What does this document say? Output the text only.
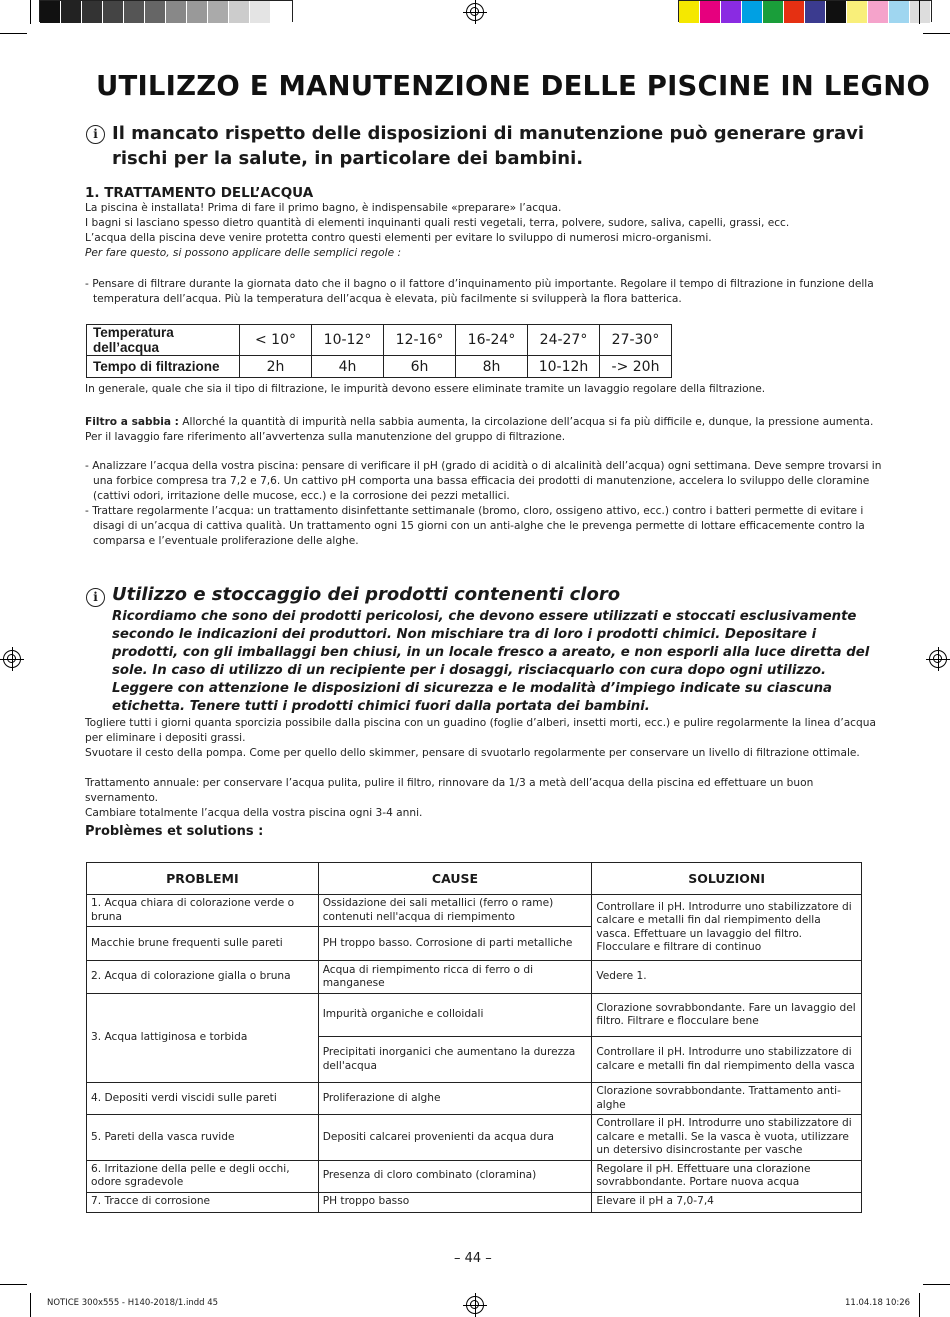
UTILIZZO E MANUTENZIONE DELLE PISCINE IN LEGNO
i Il mancato rispetto delle disposizioni di manutenzione può generare gravi rischi per la salute, in particolare dei bambini.
1. TRATTAMENTO DELL’ACQUA
La piscina è installata! Prima di fare il primo bagno, è indispensabile «preparare» l’acqua.
I bagni si lasciano spesso dietro quantità di elementi inquinanti quali resti vegetali, terra, polvere, sudore, saliva, capelli, grassi, ecc.
L’acqua della piscina deve venire protetta contro questi elementi per evitare lo sviluppo di numerosi micro-organismi.
Per fare questo, si possono applicare delle semplici regole :
- Pensare di filtrare durante la giornata dato che il bagno o il fattore d’inquinamento più importante. Regolare il tempo di filtrazione in funzione della temperatura dell’acqua. Più la temperatura dell’acqua è elevata, più facilmente si svilupperà la flora batterica.
Temperatura dell’acqua	< 10°	10-12°	12-16°	16-24°	24-27°	27-30°
Tempo di filtrazione	2h	4h	6h	8h	10-12h	-> 20h
In generale, quale che sia il tipo di filtrazione, le impurità devono essere eliminate tramite un lavaggio regolare della filtrazione.
Filtro a sabbia : Allorché la quantità di impurità nella sabbia aumenta, la circolazione dell’acqua si fa più difficile e, dunque, la pressione aumenta.
Per il lavaggio fare riferimento all’avvertenza sulla manutenzione del gruppo di filtrazione.
- Analizzare l’acqua della vostra piscina: pensare di verificare il pH (grado di acidità o di alcalinità dell’acqua) ogni settimana. Deve sempre trovarsi in una forbice compresa tra 7,2 e 7,6. Un cattivo pH comporta una bassa efficacia dei prodotti di manutenzione, accelera lo sviluppo delle cloramine (cattivi odori, irritazione delle mucose, ecc.) e la corrosione dei pezzi metallici.
- Trattare regolarmente l’acqua: un trattamento disinfettante settimanale (bromo, cloro, ossigeno attivo, ecc.) contro i batteri permette di evitare i disagi di un’acqua di cattiva qualità. Un trattamento ogni 15 giorni con un anti-alghe che le prevenga permette di lottare efficacemente contro la comparsa e l’eventuale proliferazione delle alghe.
i Utilizzo e stoccaggio dei prodotti contenenti cloro
Ricordiamo che sono dei prodotti pericolosi, che devono essere utilizzati e stoccati esclusivamente secondo le indicazioni dei produttori. Non mischiare tra di loro i prodotti chimici. Depositare i prodotti, con gli imballaggi ben chiusi, in un locale fresco a areato, e non esporli alla luce diretta del sole. In caso di utilizzo di un recipiente per i dosaggi, risciacquarlo con cura dopo ogni utilizzo. Leggere con attenzione le disposizioni di sicurezza e le modalità d’impiego indicate su ciascuna etichetta. Tenere tutti i prodotti chimici fuori dalla portata dei bambini.
Togliere tutti i giorni quanta sporcizia possibile dalla piscina con un guadino (foglie d’alberi, insetti morti, ecc.) e pulire regolarmente la linea d’acqua per eliminare i depositi grassi.
Svuotare il cesto della pompa. Come per quello dello skimmer, pensare di svuotarlo regolarmente per conservare un livello di filtrazione ottimale.
Trattamento annuale: per conservare l’acqua pulita, pulire il filtro, rinnovare da 1/3 a metà dell’acqua della piscina ed effettuare un buon svernamento.
Cambiare totalmente l’acqua della vostra piscina ogni 3-4 anni.
Problèmes et solutions :
PROBLEMI	CAUSE	SOLUZIONI
1. Acqua chiara di colorazione verde o bruna	Ossidazione dei sali metallici (ferro o rame) contenuti nell'acqua di riempimento	Controllare il pH. Introdurre uno stabilizzatore di calcare e metalli fin dal riempimento della vasca. Effettuare un lavaggio del filtro. Flocculare e filtrare di continuo
Macchie brune frequenti sulle pareti	PH troppo basso. Corrosione di parti metalliche	
2. Acqua di colorazione gialla o bruna	Acqua di riempimento ricca di ferro o di manganese	Vedere 1.
3. Acqua lattiginosa e torbida	Impurità organiche e colloidali	Clorazione sovrabbondante. Fare un lavaggio del filtro. Filtrare e flocculare bene
	Precipitati inorganici che aumentano la durezza dell'acqua	Controllare il pH. Introdurre uno stabilizzatore di calcare e metalli fin dal riempimento della vasca
4. Depositi verdi viscidi sulle pareti	Proliferazione di alghe	Clorazione sovrabbondante. Trattamento anti-alghe
5. Pareti della vasca ruvide	Depositi calcarei provenienti da acqua dura	Controllare il pH. Introdurre uno stabilizzatore di calcare e metalli. Se la vasca è vuota, utilizzare un detersivo disincrostante per vasche
6. Irritazione della pelle e degli occhi, odore sgradevole	Presenza di cloro combinato (cloramina)	Regolare il pH. Effettuare una clorazione sovrabbondante. Portare nuova acqua
7. Tracce di corrosione	PH troppo basso	Elevare il pH a 7,0-7,4
– 44 –
NOTICE 300x555 - H140-2018/1.indd 45	11.04.18 10:26
